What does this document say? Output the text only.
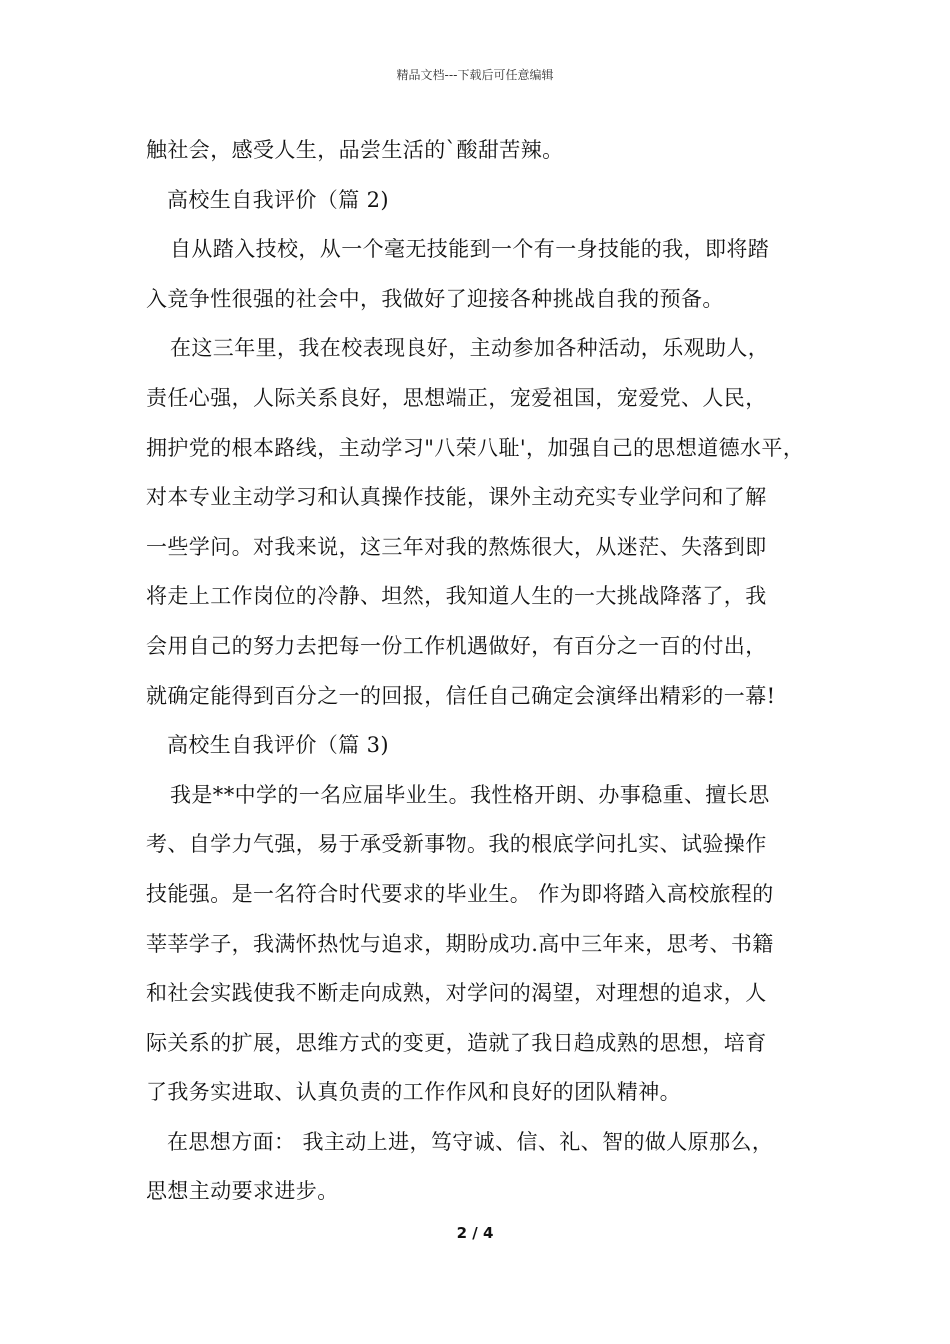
精品文档---下载后可任意编辑
触社会，感受人生，品尝生活的`酸甜苦辣。
高校生自我评价（篇 2)
自从踏入技校，从一个毫无技能到一个有一身技能的我，即将踏
入竞争性很强的社会中，我做好了迎接各种挑战自我的预备。
在这三年里，我在校表现良好，主动参加各种活动，乐观助人，
责任心强，人际关系良好，思想端正，宠爱祖国，宠爱党、人民，
拥护党的根本路线，主动学习"八荣八耻'，加强自己的思想道德水平，
对本专业主动学习和认真操作技能，课外主动充实专业学问和了解
一些学问。对我来说，这三年对我的熬炼很大，从迷茫、失落到即
将走上工作岗位的冷静、坦然，我知道人生的一大挑战降落了，我
会用自己的努力去把每一份工作机遇做好，有百分之一百的付出，
就确定能得到百分之一的回报，信任自己确定会演绎出精彩的一幕!
高校生自我评价（篇 3)
我是**中学的一名应届毕业生。我性格开朗、办事稳重、擅长思
考、自学力气强，易于承受新事物。我的根底学问扎实、试验操作
技能强。是一名符合时代要求的毕业生。 作为即将踏入高校旅程的
莘莘学子，我满怀热忱与追求，期盼成功.高中三年来，思考、书籍
和社会实践使我不断走向成熟，对学问的渴望，对理想的追求，人
际关系的扩展，思维方式的变更，造就了我日趋成熟的思想，培育
了我务实进取、认真负责的工作作风和良好的团队精神。
在思想方面： 我主动上进，笃守诚、信、礼、智的做人原那么，
思想主动要求进步。
2 / 4
